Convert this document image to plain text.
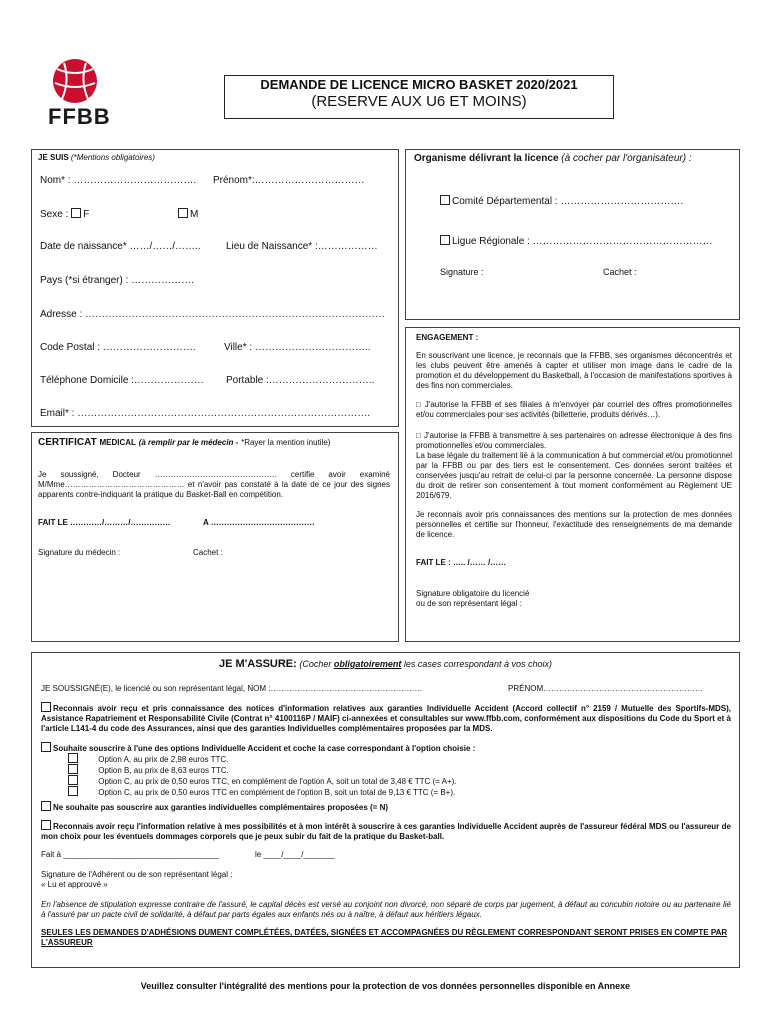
FFBB
DEMANDE DE LICENCE MICRO BASKET 2020/2021
(RESERVE AUX U6 ET MOINS)
JE SUIS (*Mentions obligatoires)
Nom* : ………………………………. Prénom*:……………………………
Sexe : F	M
Date de naissance* ……/……/……..	Lieu de Naissance* :………………
Pays (*si étranger) : ……………….
Adresse : ………………………………………………………………………………
Code Postal : ……………………….	Ville* : ……………………………..
Téléphone Domicile :………………… Portable :…………………………..
Email* : …………………………………………………………………………….
CERTIFICAT MEDICAL (à remplir par le médecin - *Rayer la mention inutile)
Je soussigné, Docteur ………………………………………. certifie avoir examiné M/Mme……………………………………… et n'avoir pas constaté à la date de ce jour des signes apparents contre-indiquant la pratique du Basket-Ball en compétition.
FAIT LE …………/………/……………	A …………………………………
Signature du médecin :	Cachet :
Organisme délivrant la licence (à cocher par l'organisateur) :
Comité Départemental : ……………………………….
Ligue Régionale : ………………………………………………
Signature :	Cachet :
ENGAGEMENT :
En souscrivant une licence, je reconnais que la FFBB, ses organismes déconcentrés et les clubs peuvent être amenés à capter et utiliser mon image dans le cadre de la promotion et du développement du Basketball, à l'occasion de manifestations sportives à des fins non commerciales.
□ J'autorise la FFBB et ses filiales à m'envoyer par courriel des offres promotionnelles et/ou commerciales pour ses activités (billetterie, produits dérivés…).
□ J'autorise la FFBB à transmettre à ses partenaires on adresse électronique à des fins promotionnelles et/ou commerciales.
La base légale du traitement lié à la communication à but commercial et/ou promotionnel par la FFBB ou par des tiers est le consentement. Ces données seront traitées et conservées jusqu'au retrait de celui-ci par la personne concernée. La personne dispose du droit de retirer son consentement à tout moment conformément au Règlement UE 2016/679.
Je reconnais avoir pris connaissances des mentions sur la protection de mes données personnelles et certifie sur l'honneur, l'exactitude des renseignements de ma demande de licence.
FAIT LE : ….. /…… /……
Signature obligatoire du licencié
ou de son représentant légal :
JE M'ASSURE: (Cocher obligatoirement les cases correspondant à vos choix)
JE SOUSSIGNÉ(E), le licencié ou son représentant légal, NOM :…………………………………………………	PRÉNOM……………………………………………………
Reconnais avoir reçu et pris connaissance des notices d'information relatives aux garanties Individuelle Accident (Accord collectif n° 2159 / Mutuelle des Sportifs-MDS), Assistance Rapatriement et Responsabilité Civile (Contrat n° 4100116P / MAIF) ci-annexées et consultables sur www.ffbb.com, conformément aux dispositions du Code du Sport et à l'article L141-4 du code des Assurances, ainsi que des garanties Individuelles complémentaires proposées par la MDS.
Souhaite souscrire à l'une des options Individuelle Accident et coche la case correspondant à l'option choisie :
Option A, au prix de 2,98 euros TTC.
Option B, au prix de 8,63 euros TTC.
Option C, au prix de 0,50 euros TTC, en complément de l'option A, soit un total de 3,48 € TTC (= A+).
Option C, au prix de 0,50 euros TTC en complément de l'option B, soit un total de 9,13 € TTC (= B+).
Ne souhaite pas souscrire aux garanties individuelles complémentaires proposées (= N)
Reconnais avoir reçu l'information relative à mes possibilités et à mon intérêt à souscrire à ces garanties Individuelle Accident auprès de l'assureur fédéral MDS ou l'assureur de mon choix pour les éventuels dommages corporels que je peux subir du fait de la pratique du Basket-ball.
Fait à ___________________________________	le ____/____/_______
Signature de l'Adhérent ou de son représentant légal :
« Lu et approuvé »
En l'absence de stipulation expresse contraire de l'assuré, le capital décès est versé au conjoint non divorcé, non séparé de corps par jugement, à défaut au concubin notoire ou au partenaire lié à l'assuré par un pacte civil de solidarité, à défaut par parts égales aux enfants nés ou à naître, à défaut aux héritiers légaux.
SEULES LES DEMANDES D'ADHÉSIONS DUMENT COMPLÉTÉES, DATÉES, SIGNÉES ET ACCOMPAGNÉES DU RÈGLEMENT CORRESPONDANT SERONT PRISES EN COMPTE PAR L'ASSUREUR
Veuillez consulter l'intégralité des mentions pour la protection de vos données personnelles disponible en Annexe
